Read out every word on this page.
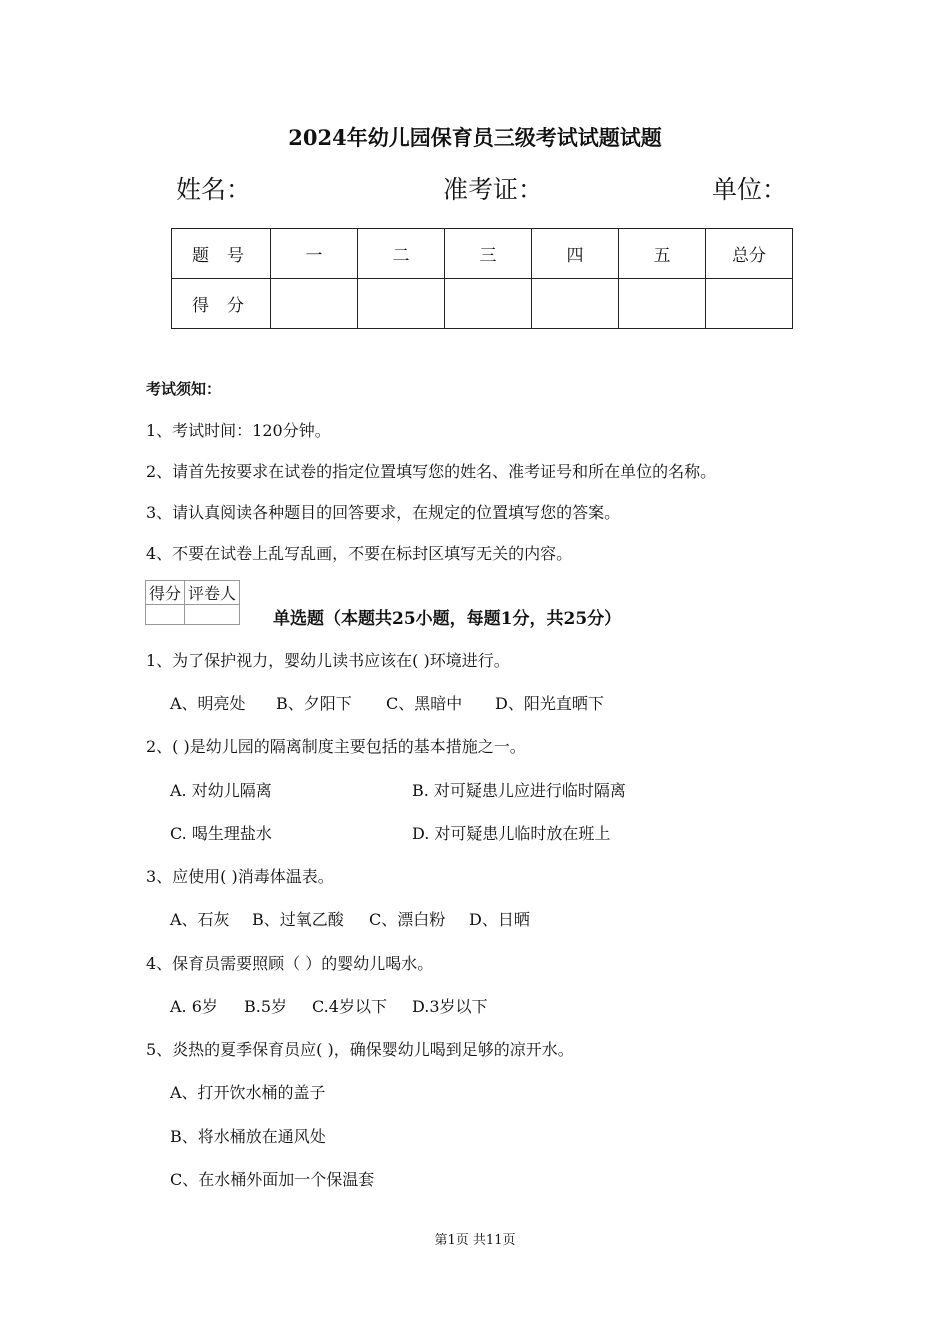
2024年幼儿园保育员三级考试试题试题
姓名：	准考证：	单位：
题号	一	二	三	四	五	总分
得分						
考试须知：
1、考试时间：120分钟。
2、请首先按要求在试卷的指定位置填写您的姓名、准考证号和所在单位的名称。
3、请认真阅读各种题目的回答要求，在规定的位置填写您的答案。
4、不要在试卷上乱写乱画，不要在标封区填写无关的内容。
得分	评卷人

单选题（本题共25小题，每题1分，共25分）
1、为了保护视力，婴幼儿读书应该在( )环境进行。
A、明亮处 B、夕阳下 C、黑暗中 D、阳光直晒下
2、( )是幼儿园的隔离制度主要包括的基本措施之一。
A. 对幼儿隔离	B. 对可疑患儿应进行临时隔离
C. 喝生理盐水	D. 对可疑患儿临时放在班上
3、应使用( )消毒体温表。
A、石灰 B、过氧乙酸 C、漂白粉 D、日晒
4、保育员需要照顾（ ）的婴幼儿喝水。
A. 6岁 B.5岁 C.4岁以下 D.3岁以下
5、炎热的夏季保育员应( )，确保婴幼儿喝到足够的凉开水。
A、打开饮水桶的盖子
B、将水桶放在通风处
C、在水桶外面加一个保温套
第1页 共11页
